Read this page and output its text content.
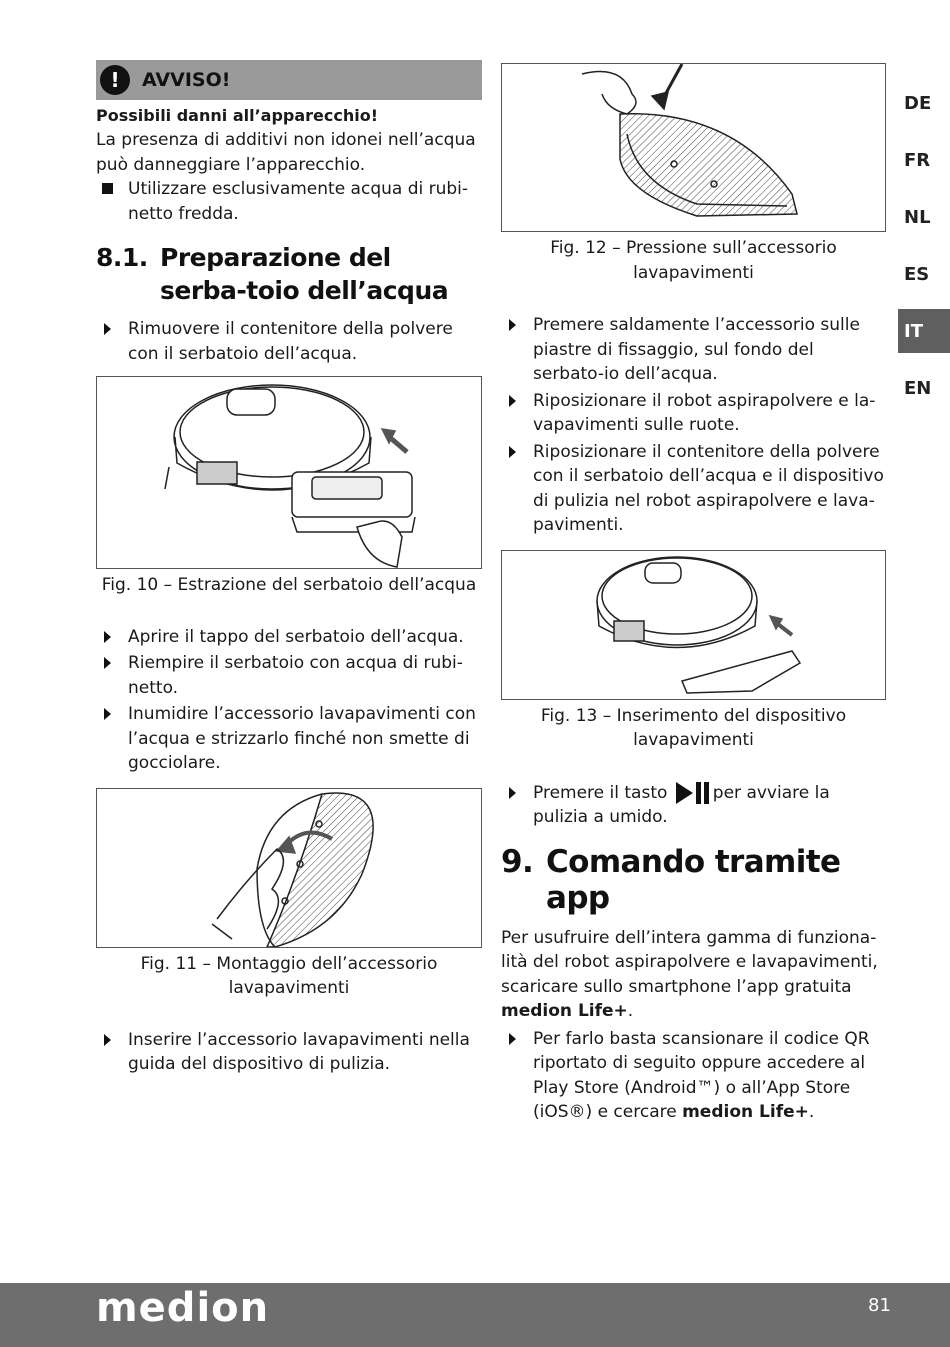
!	AVVISO!
Possibili danni all’apparecchio!

La presenza di additivi non idonei nell’acqua può danneggiare l’apparecchio.

Utilizzare esclusivamente acqua di rubi-netto fredda.
8.1. Preparazione del serba-toio dell’acqua
Rimuovere il contenitore della polvere con il serbatoio dell’acqua.
Fig. 10 – Estrazione del serbatoio dell’acqua
Aprire il tappo del serbatoio dell’acqua.
Riempire il serbatoio con acqua di rubi-netto.
Inumidire l’accessorio lavapavimenti con l’acqua e strizzarlo finché non smette di gocciolare.
Fig. 11 – Montaggio dell’accessorio lavapavimenti
Inserire l’accessorio lavapavimenti nella guida del dispositivo di pulizia.
Fig. 12 – Pressione sull’accessorio lavapavimenti
Premere saldamente l’accessorio sulle piastre di fissaggio, sul fondo del serbato-io dell’acqua.
Riposizionare il robot aspirapolvere e la-vapavimenti sulle ruote.
Riposizionare il contenitore della polvere con il serbatoio dell’acqua e il dispositivo di pulizia nel robot aspirapolvere e lava-pavimenti.
Fig. 13 – Inserimento del dispositivo lavapavimenti
Premere il tasto	per avviare la pulizia a umido.
9. Comando tramite app

Per usufruire dell’intera gamma di funziona-lità del robot aspirapolvere e lavapavimenti, scaricare sullo smartphone l’app gratuita medion Life+.

Per farlo basta scansionare il codice QR riportato di seguito oppure accedere al Play Store (Android™) o all’App Store (iOS®) e cercare medion Life+.
DE
FR
NL
ES
IT
EN
medion	81
